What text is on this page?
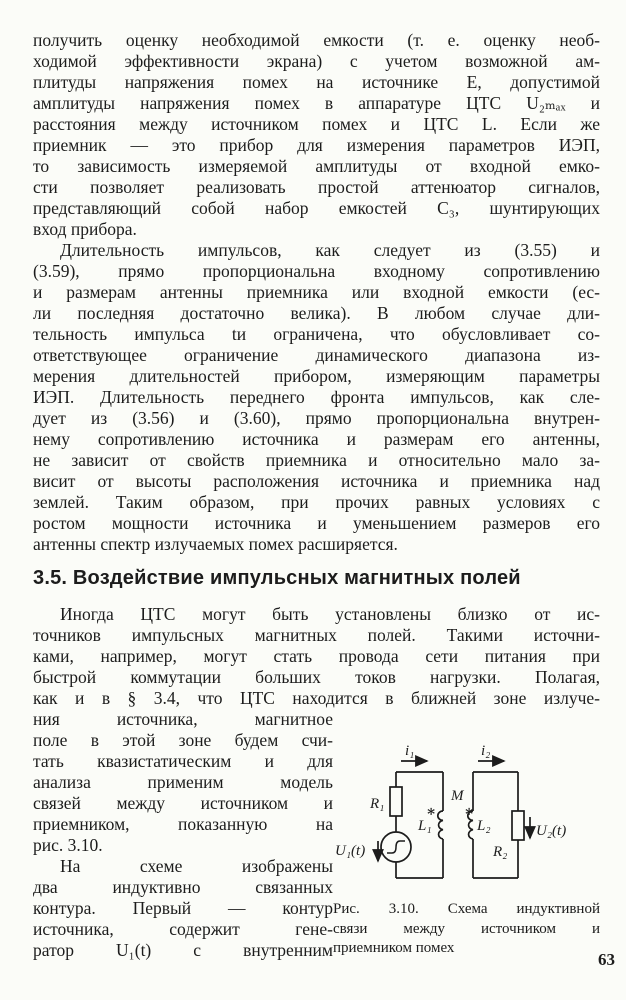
получить оценку необходимой емкости (т. е. оценку необ-
ходимой эффективности экрана) с учетом возможной ам-
плитуды напряжения помех на источнике E, допустимой
амплитуды напряжения помех в аппаратуре ЦТС U₂ₘₐₓ и
расстояния между источником помех и ЦТС L. Если же
приемник — это прибор для измерения параметров ИЭП,
то зависимость измеряемой амплитуды от входной емко-
сти позволяет реализовать простой аттенюатор сигналов,
представляющий собой набор емкостей C₃, шунтирующих
вход прибора.
Длительность импульсов, как следует из (3.55) и
(3.59), прямо пропорциональна входному сопротивлению
и размерам антенны приемника или входной емкости (ес-
ли последняя достаточно велика). В любом случае дли-
тельность импульса tи ограничена, что обусловливает со-
ответствующее ограничение динамического диапазона из-
мерения длительностей прибором, измеряющим параметры
ИЭП. Длительность переднего фронта импульсов, как сле-
дует из (3.56) и (3.60), прямо пропорциональна внутрен-
нему сопротивлению источника и размерам его антенны,
не зависит от свойств приемника и относительно мало за-
висит от высоты расположения источника и приемника над
землей. Таким образом, при прочих равных условиях с
ростом мощности источника и уменьшением размеров его
антенны спектр излучаемых помех расширяется.
3.5. Воздействие импульсных магнитных полей
Иногда ЦТС могут быть установлены близко от ис-
точников импульсных магнитных полей. Такими источни-
ками, например, могут стать провода сети питания при
быстрой коммутации больших токов нагрузки. Полагая,
как и в § 3.4, что ЦТС находится в ближней зоне излуче-
ния источника, магнитное
поле в этой зоне будем счи-
тать квазистатическим и для
анализа применим модель
связей между источником и
приемником, показанную на
рис. 3.10.
На схеме изображены
два индуктивно связанных
контура. Первый — контур
источника, содержит гене-
ратор U₁(t) с внутренним
i₁	i₂
R₁
R₂
L₁	L₂
M
U₁(t)
U₂(t)
∗ ∗
Рис. 3.10. Схема индуктивной
связи между источником и
приемником помех
63
